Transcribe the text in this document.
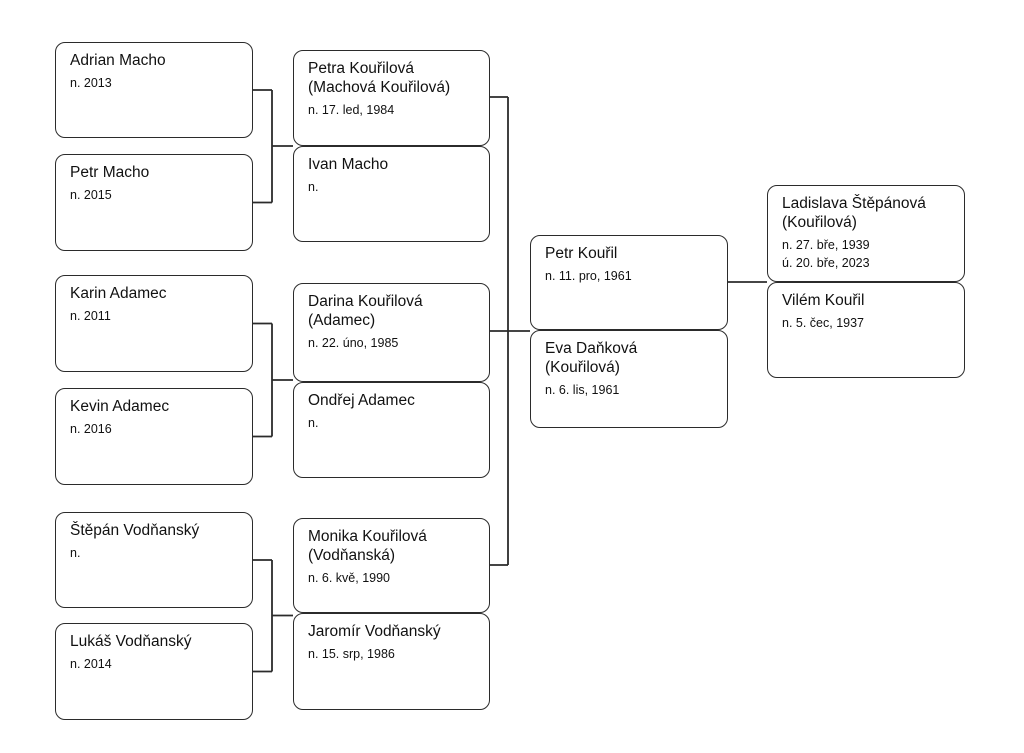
Adrian Macho
n. 2013
Petr Macho
n. 2015
Karin Adamec
n. 2011
Kevin Adamec
n. 2016
Štěpán Vodňanský
n.
Lukáš Vodňanský
n. 2014
Petra Kouřilová
(Machová Kouřilová)
n. 17. led, 1984
Ivan Macho
n.
Darina Kouřilová
(Adamec)
n. 22. úno, 1985
Ondřej Adamec
n.
Monika Kouřilová
(Vodňanská)
n. 6. kvě, 1990
Jaromír Vodňanský
n. 15. srp, 1986
Petr Kouřil
n. 11. pro, 1961
Eva Daňková
(Kouřilová)
n. 6. lis, 1961
Ladislava Štěpánová
(Kouřilová)
n. 27. bře, 1939
ú. 20. bře, 2023
Vilém Kouřil
n. 5. čec, 1937
